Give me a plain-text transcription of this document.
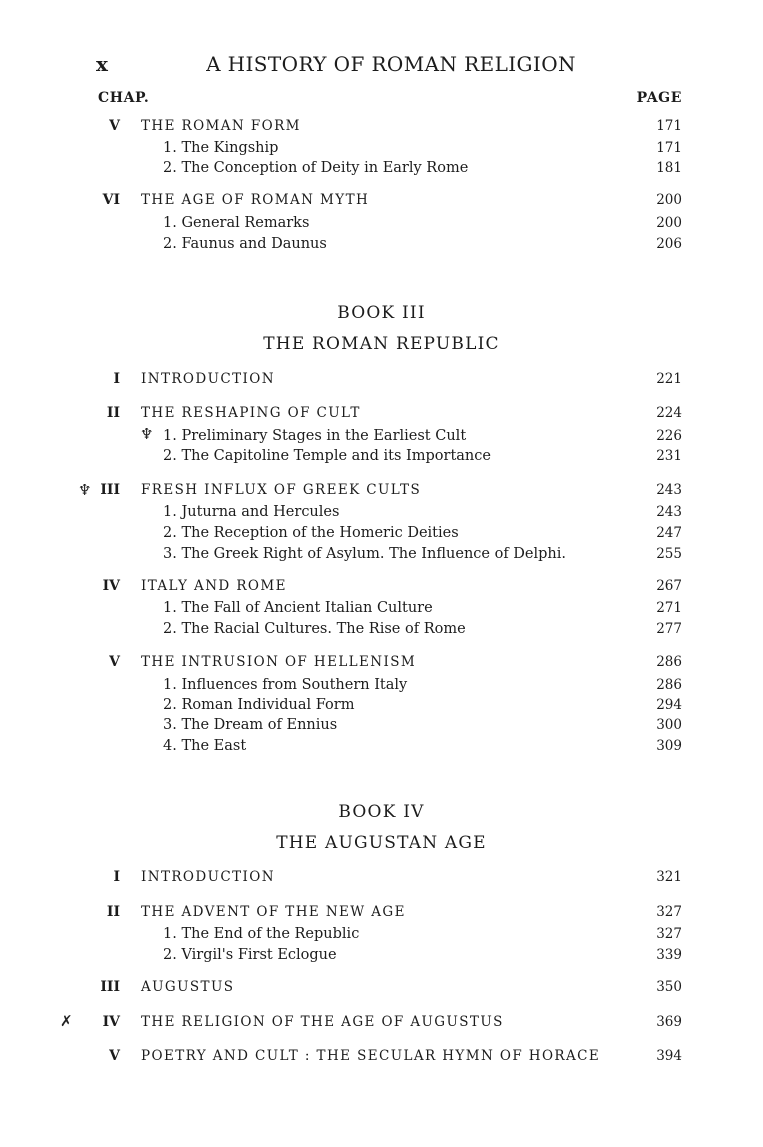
x	A HISTORY OF ROMAN RELIGION
CHAP.	PAGE
BOOK III
THE ROMAN REPUBLIC
BOOK IV
THE AUGUSTAN AGE
V THE ROMAN FORM	171
1. The Kingship	171
2. The Conception of Deity in Early Rome	181
VI THE AGE OF ROMAN MYTH	200
1. General Remarks	200
2. Faunus and Daunus	206
I INTRODUCTION	221
II THE RESHAPING OF CULT	224
1. Preliminary Stages in the Earliest Cult	226
2. The Capitoline Temple and its Importance	231
III FRESH INFLUX OF GREEK CULTS	243
1. Juturna and Hercules	243
2. The Reception of the Homeric Deities	247
3. The Greek Right of Asylum. The Influence of Delphi.	255
IV ITALY AND ROME	267
1. The Fall of Ancient Italian Culture	271
2. The Racial Cultures. The Rise of Rome	277
V THE INTRUSION OF HELLENISM	286
1. Influences from Southern Italy	286
2. Roman Individual Form	294
3. The Dream of Ennius	300
4. The East	309
I INTRODUCTION	321
II THE ADVENT OF THE NEW AGE	327
1. The End of the Republic	327
2. Virgil's First Eclogue	339
III AUGUSTUS	350
IV THE RELIGION OF THE AGE OF AUGUSTUS	369
V POETRY AND CULT : THE SECULAR HYMN OF HORACE	394
♆
♆
✗
